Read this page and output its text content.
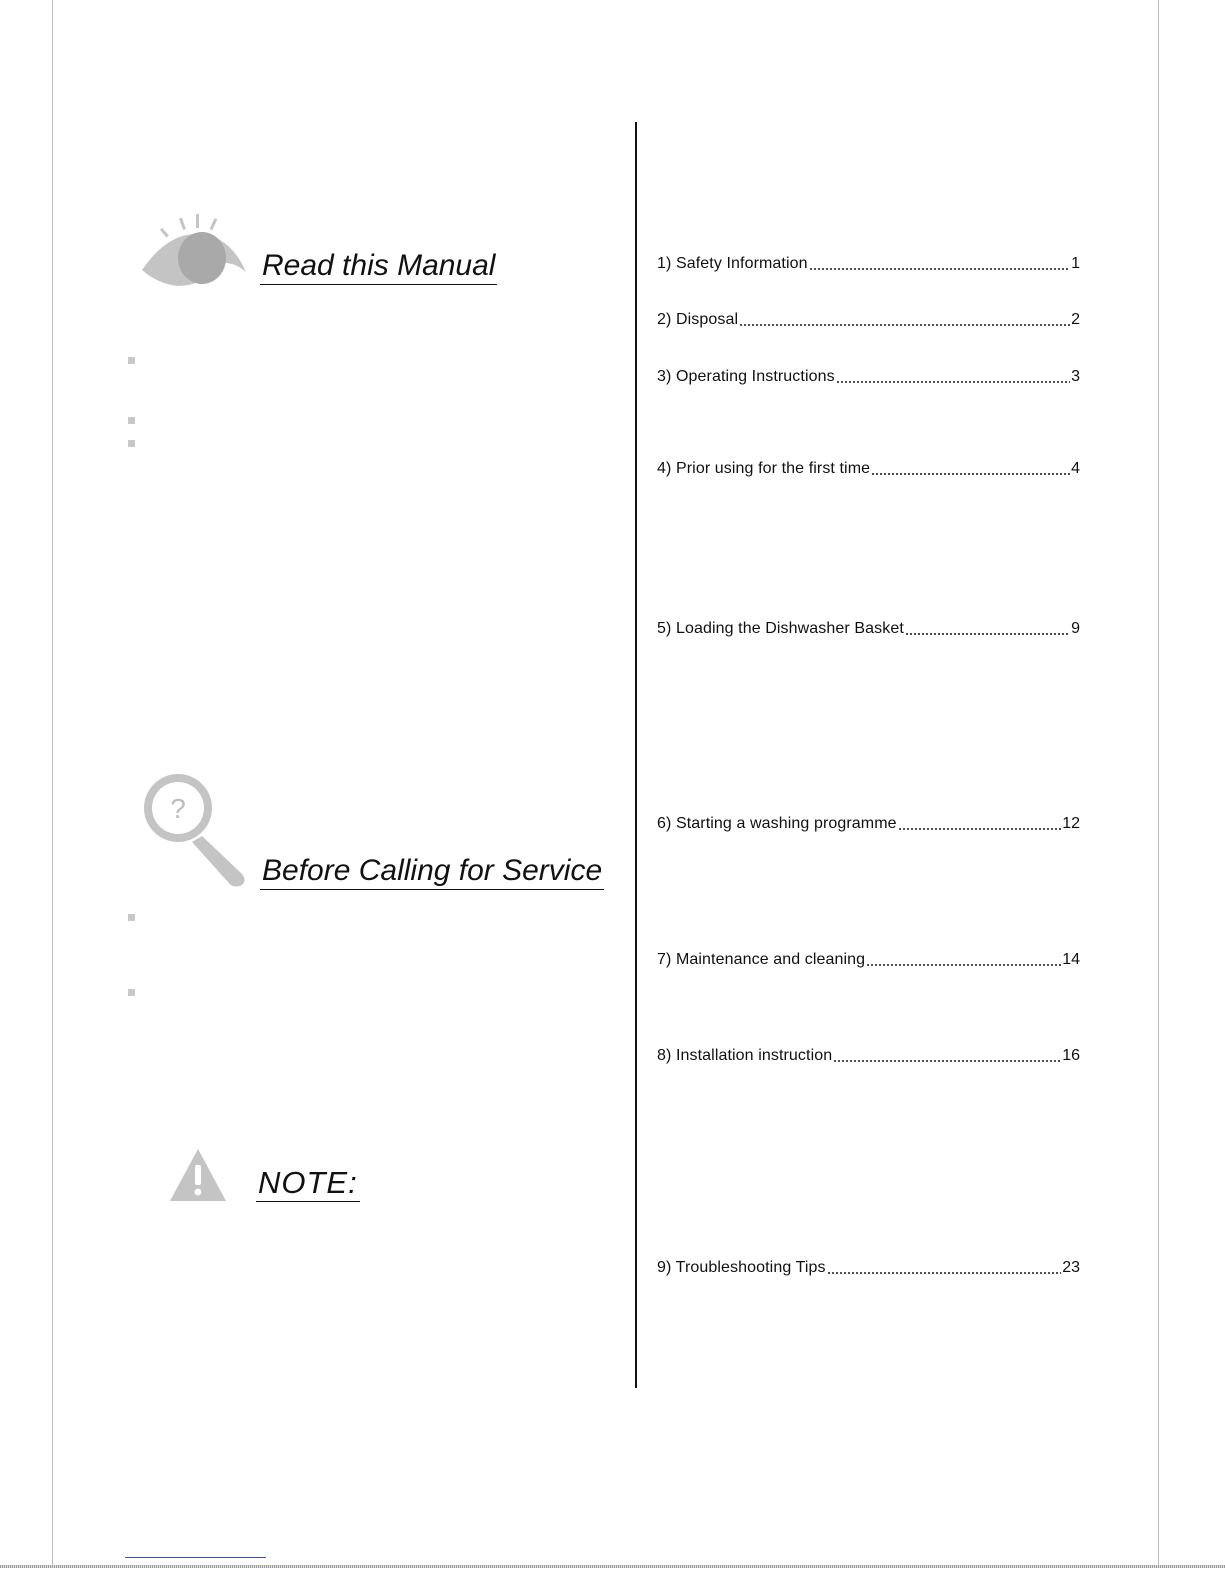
Read this Manual
?
Before Calling for Service
NOTE:
1) Safety Information	1
2) Disposal	2
3) Operating Instructions	3
4) Prior using for the first time	4
5) Loading the Dishwasher Basket	9
6) Starting a washing programme	12
7) Maintenance and cleaning	14
8) Installation instruction	16
9) Troubleshooting Tips	23
